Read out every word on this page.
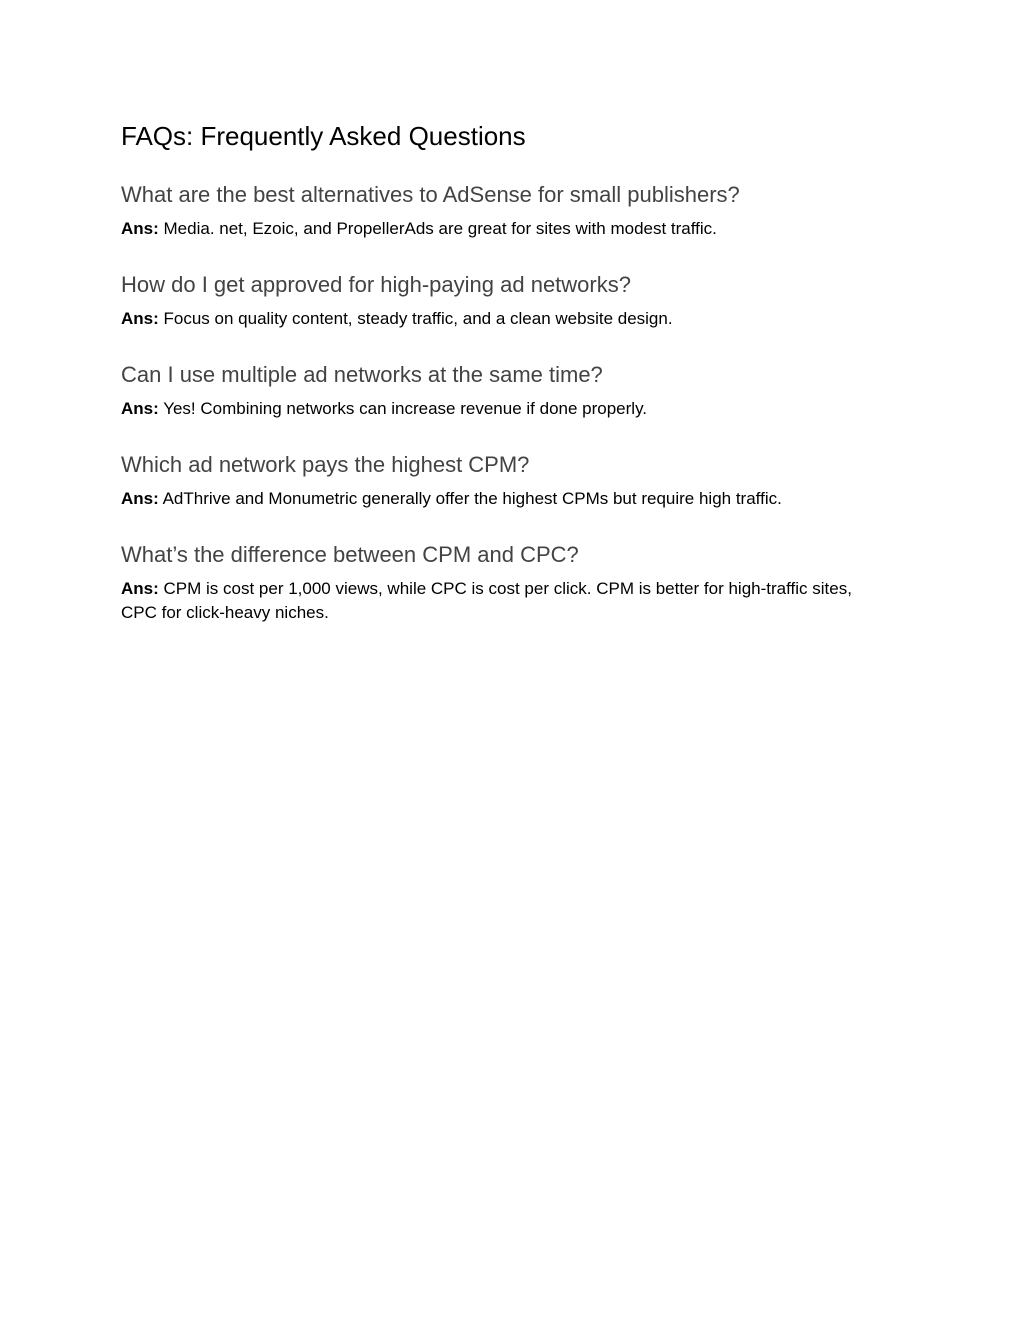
FAQs: Frequently Asked Questions
What are the best alternatives to AdSense for small publishers?

Ans: Media. net, Ezoic, and PropellerAds are great for sites with modest traffic.

How do I get approved for high-paying ad networks?

Ans: Focus on quality content, steady traffic, and a clean website design.

Can I use multiple ad networks at the same time?

Ans: Yes! Combining networks can increase revenue if done properly.

Which ad network pays the highest CPM?

Ans: AdThrive and Monumetric generally offer the highest CPMs but require high traffic.

What’s the difference between CPM and CPC?

Ans: CPM is cost per 1,000 views, while CPC is cost per click. CPM is better for high-traffic sites, CPC for click-heavy niches.
